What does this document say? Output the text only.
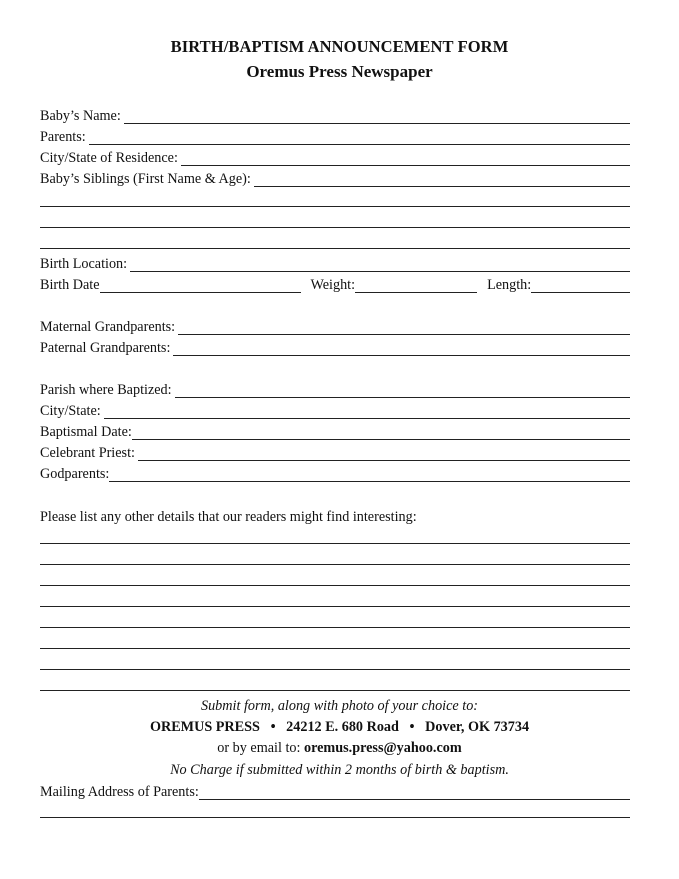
BIRTH/BAPTISM ANNOUNCEMENT FORM
Oremus Press Newspaper
Baby’s Name:
Parents:
City/State of Residence:
Baby’s Siblings (First Name & Age):
Birth Location:
Birth Date	Weight:	Length:
Maternal Grandparents:
Paternal Grandparents:
Parish where Baptized:
City/State:
Baptismal Date:
Celebrant Priest:
Godparents:
Please list any other details that our readers might find interesting:
Submit form, along with photo of your choice to:
OREMUS PRESS • 24212 E. 680 Road • Dover, OK 73734
or by email to: oremus.press@yahoo.com
No Charge if submitted within 2 months of birth & baptism.
Mailing Address of Parents:
